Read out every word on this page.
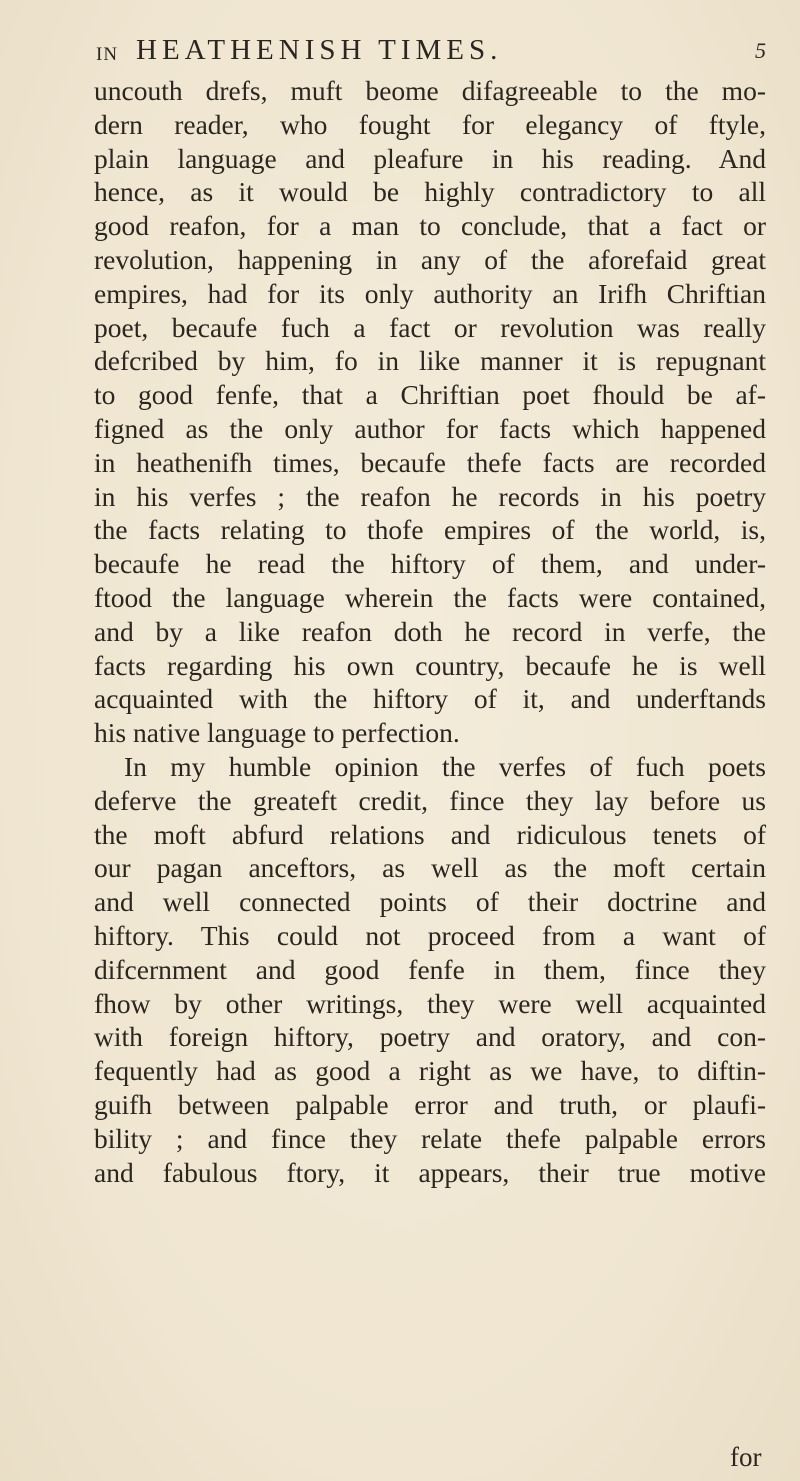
IN HEATHENISH TIMES.	5
uncouth drefs, muft beome difagreeable to the mo-
dern reader, who fought for elegancy of ftyle,
plain language and pleafure in his reading. And
hence, as it would be highly contradictory to all
good reafon, for a man to conclude, that a fact or
revolution, happening in any of the aforefaid great
empires, had for its only authority an Irifh Chriftian
poet, becaufe fuch a fact or revolution was really
defcribed by him, fo in like manner it is repugnant
to good fenfe, that a Chriftian poet fhould be af-
figned as the only author for facts which happened
in heathenifh times, becaufe thefe facts are recorded
in his verfes ; the reafon he records in his poetry
the facts relating to thofe empires of the world, is,
becaufe he read the hiftory of them, and under-
ftood the language wherein the facts were contained,
and by a like reafon doth he record in verfe, the
facts regarding his own country, becaufe he is well
acquainted with the hiftory of it, and underftands
his native language to perfection.
In my humble opinion the verfes of fuch poets
deferve the greateft credit, fince they lay before us
the moft abfurd relations and ridiculous tenets of
our pagan anceftors, as well as the moft certain
and well connected points of their doctrine and
hiftory. This could not proceed from a want of
difcernment and good fenfe in them, fince they
fhow by other writings, they were well acquainted
with foreign hiftory, poetry and oratory, and con-
fequently had as good a right as we have, to diftin-
guifh between palpable error and truth, or plaufi-
bility ; and fince they relate thefe palpable errors
and fabulous ftory, it appears, their true motive
for
